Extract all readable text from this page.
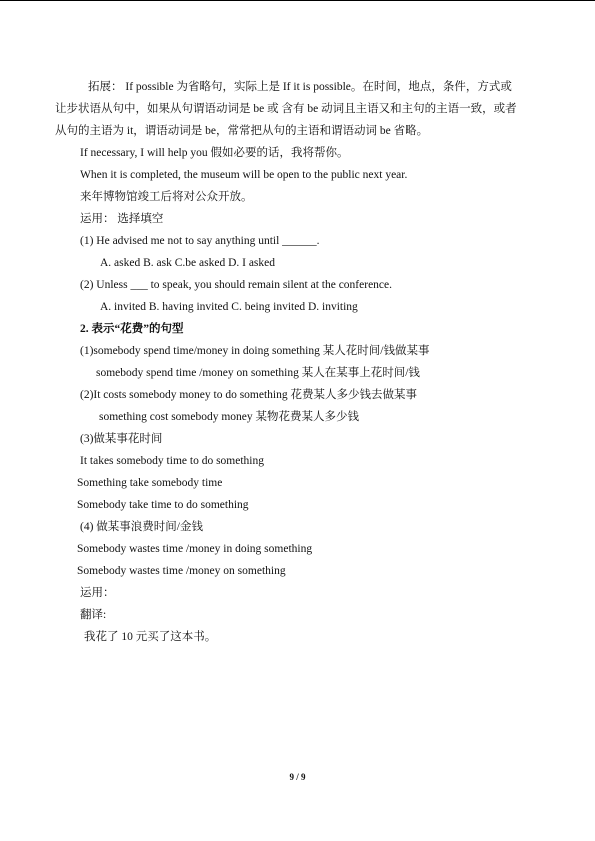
拓展： If possible 为省略句，实际上是 If it is possible。在时间，地点，条件，方式或
让步状语从句中，如果从句谓语动词是 be 或 含有 be 动词且主语又和主句的主语一致，或者
从句的主语为 it，谓语动词是 be，常常把从句的主语和谓语动词 be 省略。
If necessary, I will help you 假如必要的话，我将帮你。
When it is completed, the museum will be open to the public next year.
来年博物馆竣工后将对公众开放。
运用： 选择填空
(1) He advised me not to say anything until ______.
A. asked B. ask C.be asked D. I asked
(2) Unless ___ to speak, you should remain silent at the conference.
A. invited B. having invited C. being invited D. inviting
2. 表示“花费”的句型
(1)somebody spend time/money in doing something 某人花时间/钱做某事
somebody spend time /money on something 某人在某事上花时间/钱
(2)It costs somebody money to do something 花费某人多少钱去做某事
something cost somebody money 某物花费某人多少钱
(3)做某事花时间
It takes somebody time to do something
Something take somebody time
Somebody take time to do something
(4) 做某事浪费时间/金钱
Somebody wastes time /money in doing something
Somebody wastes time /money on something
运用：
翻译:
我花了 10 元买了这本书。
9 / 9
